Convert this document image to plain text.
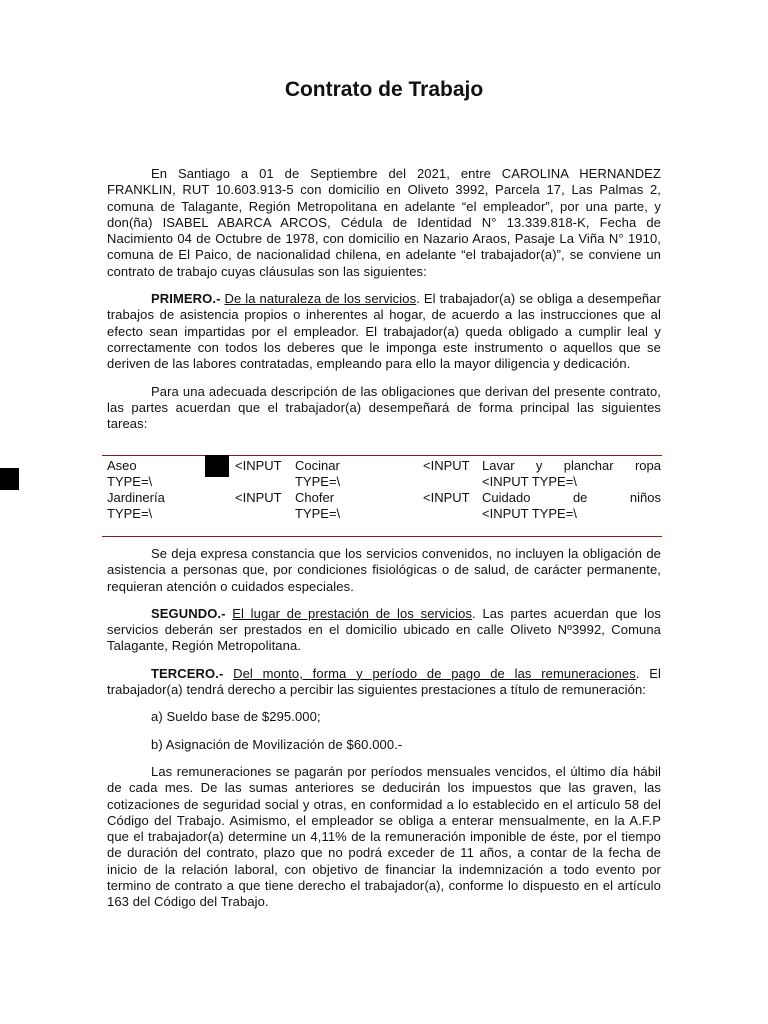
Contrato de Trabajo

En Santiago a 01 de Septiembre del 2021, entre CAROLINA HERNANDEZ FRANKLIN, RUT 10.603.913-5 con domicilio en Oliveto 3992, Parcela 17, Las Palmas 2, comuna de Talagante, Región Metropolitana en adelante “el empleador”, por una parte, y don(ña) ISABEL ABARCA ARCOS, Cédula de Identidad N° 13.339.818-K, Fecha de Nacimiento 04 de Octubre de 1978, con domicilio en Nazario Araos, Pasaje La Viña N° 1910, comuna de El Paico, de nacionalidad chilena, en adelante “el trabajador(a)”, se conviene un contrato de trabajo cuyas cláusulas son las siguientes:

PRIMERO.- De la naturaleza de los servicios. El trabajador(a) se obliga a desempeñar trabajos de asistencia propios o inherentes al hogar, de acuerdo a las instrucciones que al efecto sean impartidas por el empleador. El trabajador(a) queda obligado a cumplir leal y correctamente con todos los deberes que le imponga este instrumento o aquellos que se deriven de las labores contratadas, empleando para ello la mayor diligencia y dedicación.

Para una adecuada descripción de las obligaciones que derivan del presente contrato, las partes acuerdan que el trabajador(a) desempeñará de forma principal las siguientes tareas:

Aseo
TYPE=\
<INPUT Cocinar
TYPE=\
<INPUT Lavar y planchar ropa
<INPUT TYPE=\
Jardinería
TYPE=\
<INPUT Chofer
TYPE=\
<INPUT Cuidado	de	niños
<INPUT TYPE=\

Se deja expresa constancia que los servicios convenidos, no incluyen la obligación de asistencia a personas que, por condiciones fisiológicas o de salud, de carácter permanente, requieran atención o cuidados especiales.

SEGUNDO.- El lugar de prestación de los servicios. Las partes acuerdan que los servicios deberán ser prestados en el domicilio ubicado en calle Oliveto Nº3992, Comuna Talagante, Región Metropolitana.

TERCERO.- Del monto, forma y período de pago de las remuneraciones. El trabajador(a) tendrá derecho a percibir las siguientes prestaciones a título de remuneración:

a) Sueldo base de $295.000;

b) Asignación de Movilización de $60.000.-

Las remuneraciones se pagarán por períodos mensuales vencidos, el último día hábil de cada mes. De las sumas anteriores se deducirán los impuestos que las graven, las cotizaciones de seguridad social y otras, en conformidad a lo establecido en el artículo 58 del Código del Trabajo. Asimismo, el empleador se obliga a enterar mensualmente, en la A.F.P que el trabajador(a) determine un 4,11% de la remuneración imponible de éste, por el tiempo de duración del contrato, plazo que no podrá exceder de 11 años, a contar de la fecha de inicio de la relación laboral, con objetivo de financiar la indemnización a todo evento por termino de contrato a que tiene derecho el trabajador(a), conforme lo dispuesto en el artículo 163 del Código del Trabajo.
